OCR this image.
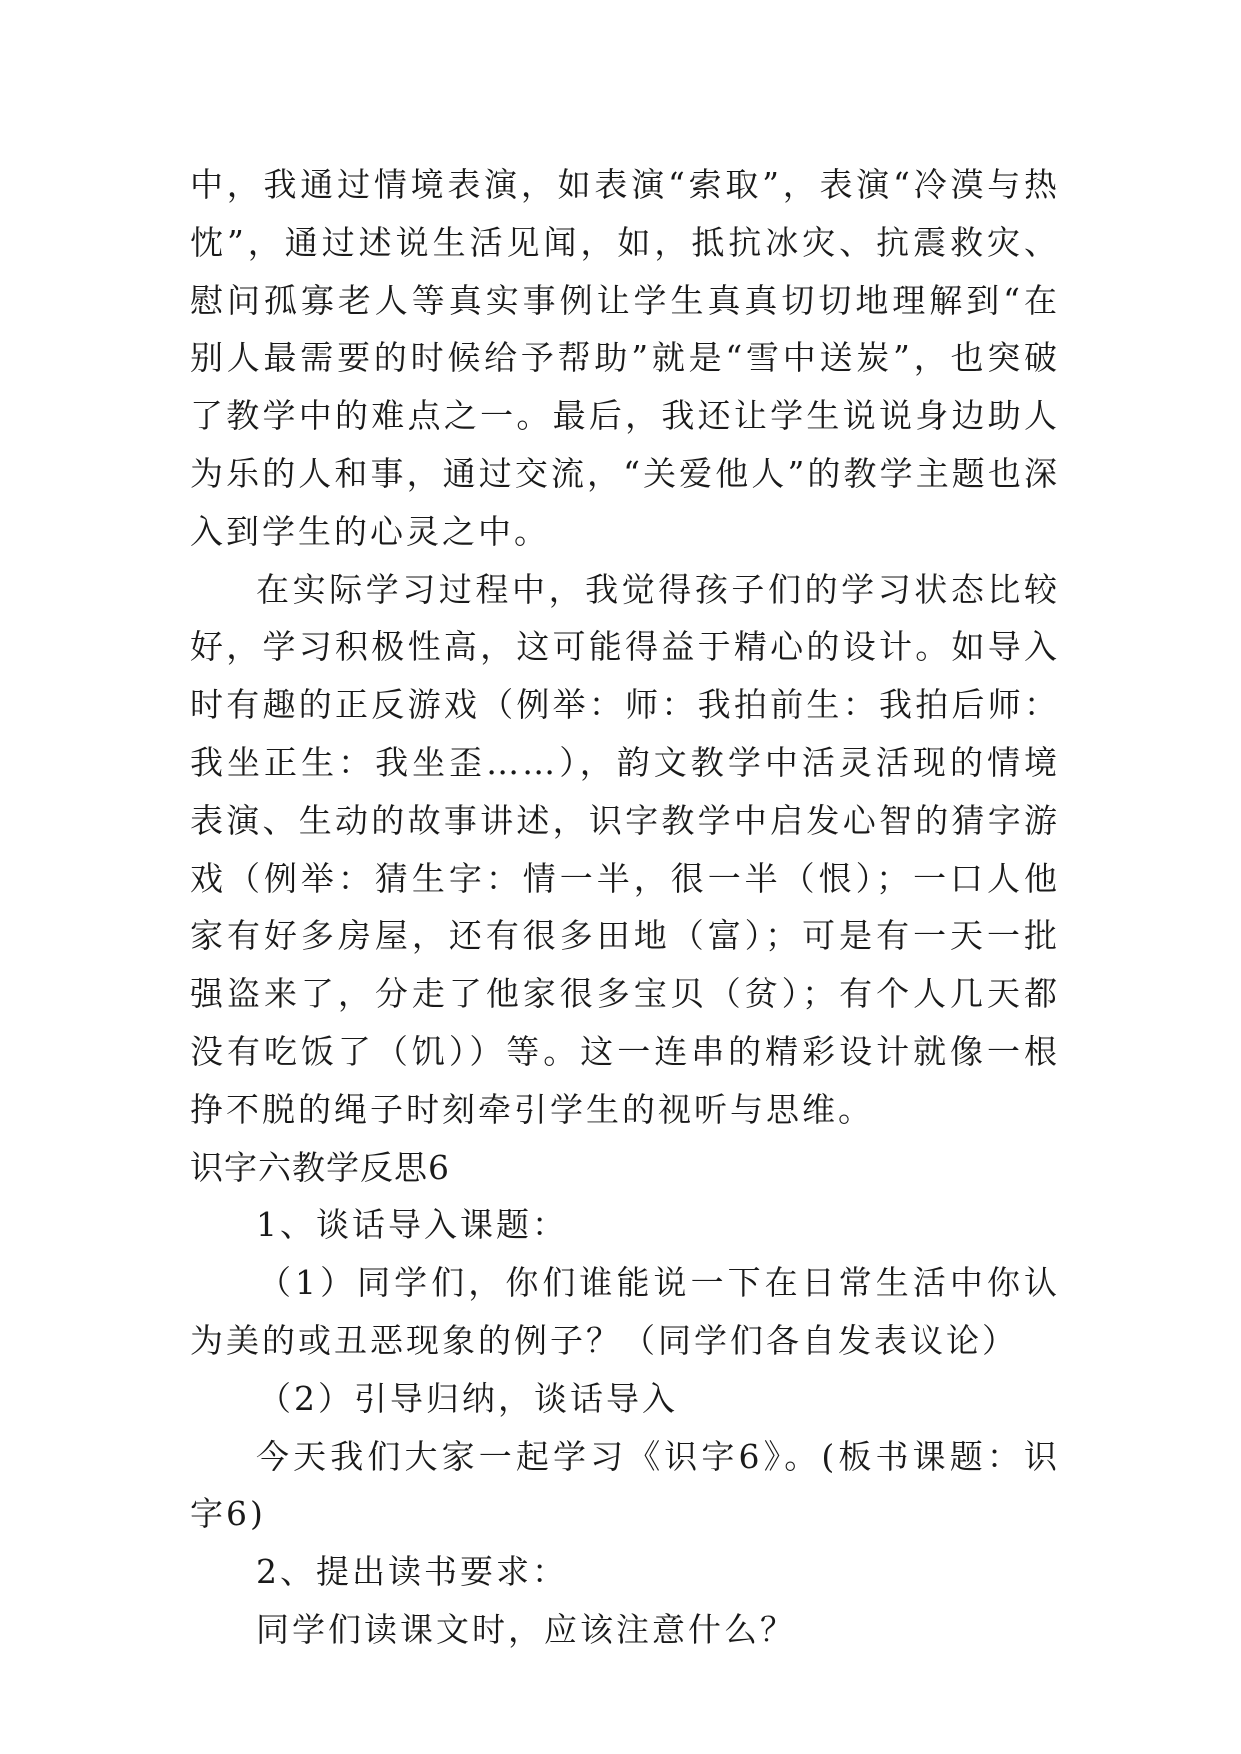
中，我通过情境表演，如表演“索取”，表演“冷漠与热忱”，通过述说生活见闻，如，抵抗冰灾、抗震救灾、慰问孤寡老人等真实事例让学生真真切切地理解到“在别人最需要的时候给予帮助”就是“雪中送炭”，也突破了教学中的难点之一。最后，我还让学生说说身边助人为乐的人和事，通过交流，“关爱他人”的教学主题也深入到学生的心灵之中。

在实际学习过程中，我觉得孩子们的学习状态比较好，学习积极性高，这可能得益于精心的设计。如导入时有趣的正反游戏（例举：师：我拍前生：我拍后师：我坐正生：我坐歪……），韵文教学中活灵活现的情境表演、生动的故事讲述，识字教学中启发心智的猜字游戏（例举：猜生字：情一半，很一半（恨）；一口人他家有好多房屋，还有很多田地（富）；可是有一天一批强盗来了，分走了他家很多宝贝（贫）；有个人几天都没有吃饭了（饥））等。这一连串的精彩设计就像一根挣不脱的绳子时刻牵引学生的视听与思维。

识字六教学反思6

1、谈话导入课题：

（1）同学们，你们谁能说一下在日常生活中你认为美的或丑恶现象的例子？（同学们各自发表议论）

（2）引导归纳，谈话导入

今天我们大家一起学习《识字6》。(板书课题：识字6)

2、提出读书要求：

同学们读课文时，应该注意什么？
